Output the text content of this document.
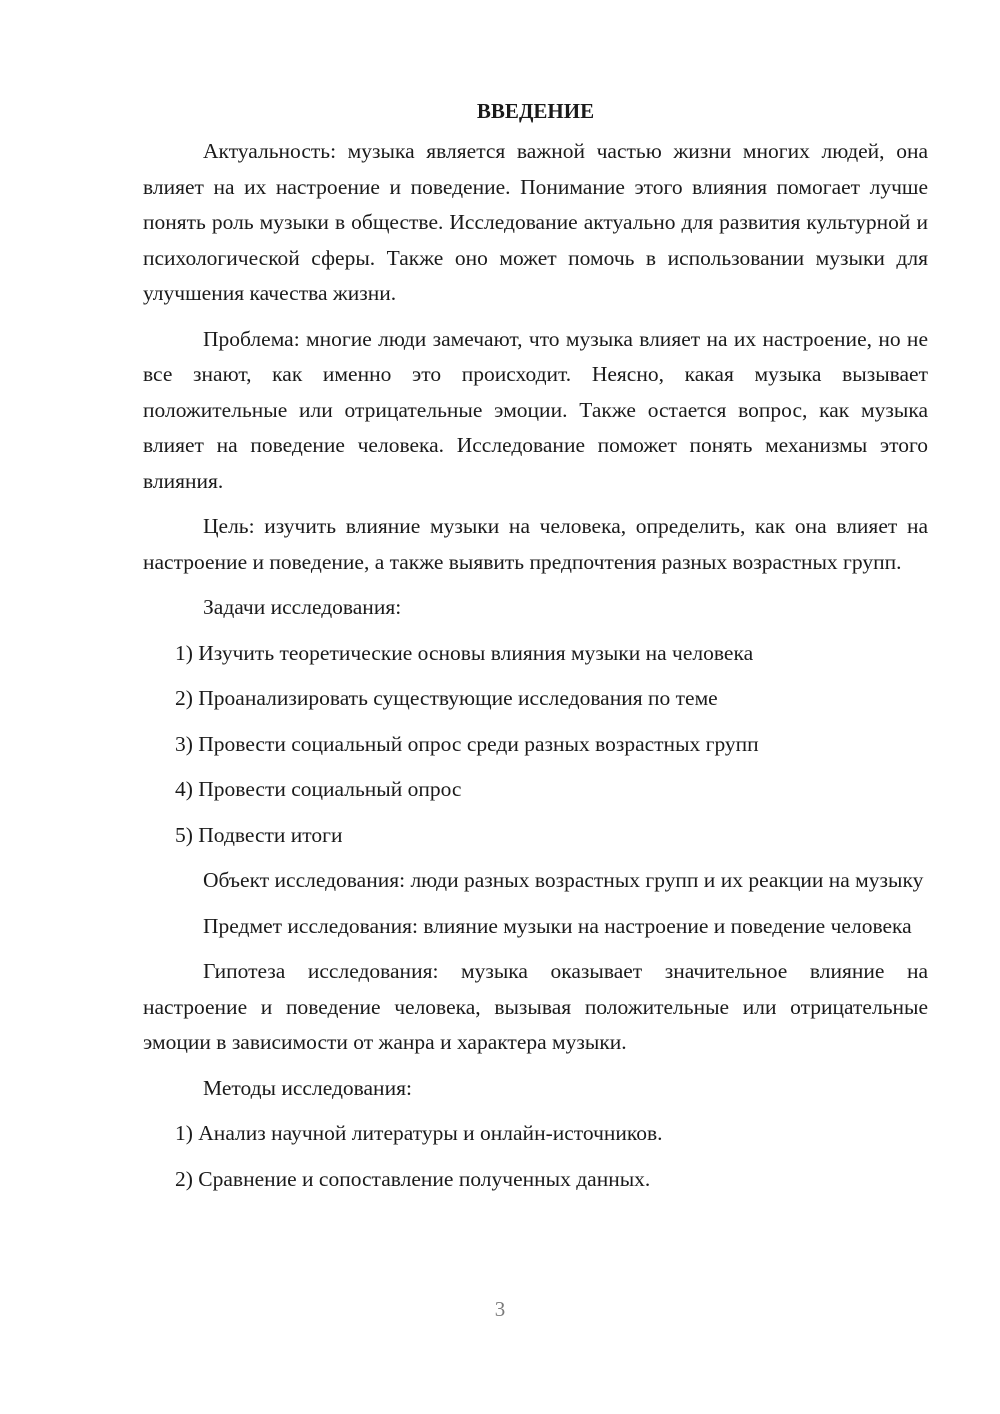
ВВЕДЕНИЕ

Актуальность: музыка является важной частью жизни многих людей, она влияет на их настроение и поведение. Понимание этого влияния помогает лучше понять роль музыки в обществе. Исследование актуально для развития культурной и психологической сферы. Также оно может помочь в использовании музыки для улучшения качества жизни.

Проблема: многие люди замечают, что музыка влияет на их настроение, но не все знают, как именно это происходит. Неясно, какая музыка вызывает положительные или отрицательные эмоции. Также остается вопрос, как музыка влияет на поведение человека. Исследование поможет понять механизмы этого влияния.

Цель: изучить влияние музыки на человека, определить, как она влияет на настроение и поведение, а также выявить предпочтения разных возрастных групп.

Задачи исследования:

1) Изучить теоретические основы влияния музыки на человека
2) Проанализировать существующие исследования по теме
3) Провести социальный опрос среди разных возрастных групп
4) Провести социальный опрос
5) Подвести итоги

Объект исследования: люди разных возрастных групп и их реакции на музыку

Предмет исследования: влияние музыки на настроение и поведение человека

Гипотеза исследования: музыка оказывает значительное влияние на настроение и поведение человека, вызывая положительные или отрицательные эмоции в зависимости от жанра и характера музыки.

Методы исследования:

1) Анализ научной литературы и онлайн-источников.
2) Сравнение и сопоставление полученных данных.
3
